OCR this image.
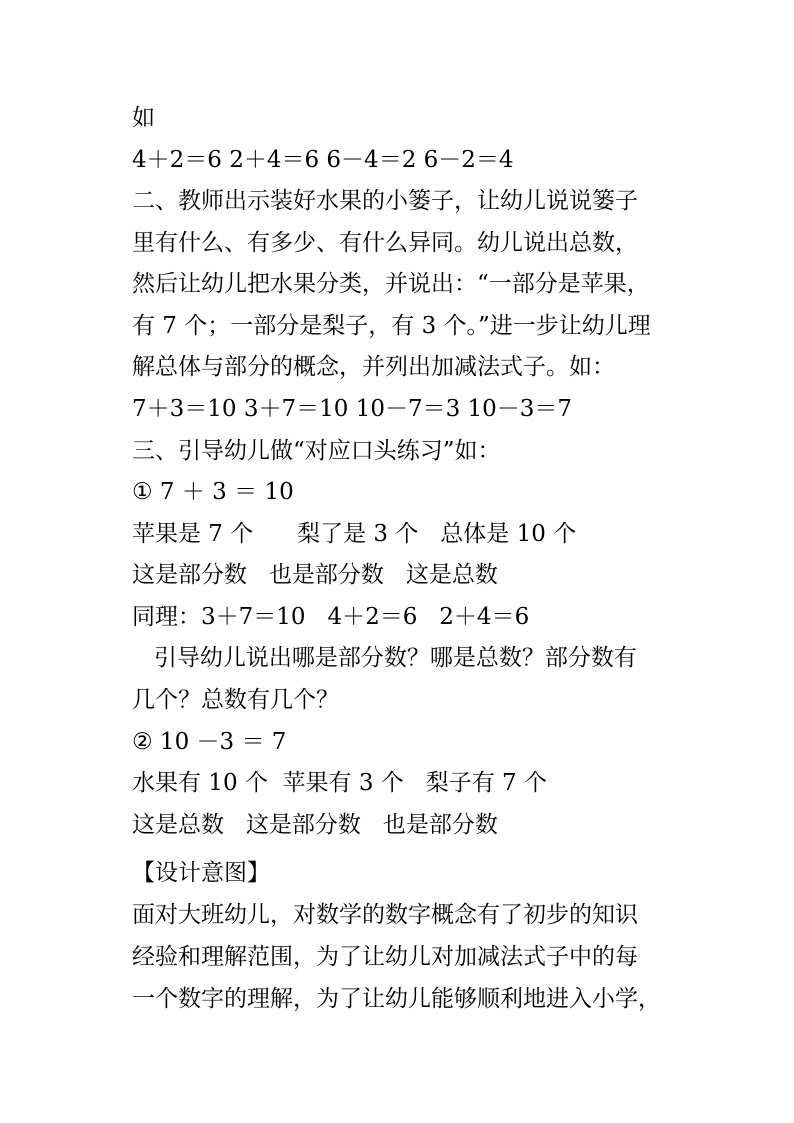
如
4＋2＝6 2＋4＝6 6－4＝2 6－2＝4
二、教师出示装好水果的小篓子，让幼儿说说篓子
里有什么、有多少、有什么异同。幼儿说出总数，
然后让幼儿把水果分类，并说出：“一部分是苹果，
有 7 个；一部分是梨子，有 3 个。”进一步让幼儿理
解总体与部分的概念，并列出加减法式子。如：
7＋3＝10 3＋7＝10 10－7＝3 10－3＝7
三、引导幼儿做“对应口头练习”如：
① 7 ＋ 3 ＝ 10
苹果是 7 个      梨了是 3 个   总体是 10 个
这是部分数   也是部分数   这是总数
同理：3＋7＝10   4＋2＝6   2＋4＝6
引导幼儿说出哪是部分数？哪是总数？部分数有
几个？总数有几个？
② 10 －3 ＝ 7
水果有 10 个  苹果有 3 个   梨子有 7 个
这是总数   这是部分数   也是部分数
【设计意图】
面对大班幼儿，对数学的数字概念有了初步的知识
经验和理解范围，为了让幼儿对加减法式子中的每
一个数字的理解，为了让幼儿能够顺利地进入小学，
